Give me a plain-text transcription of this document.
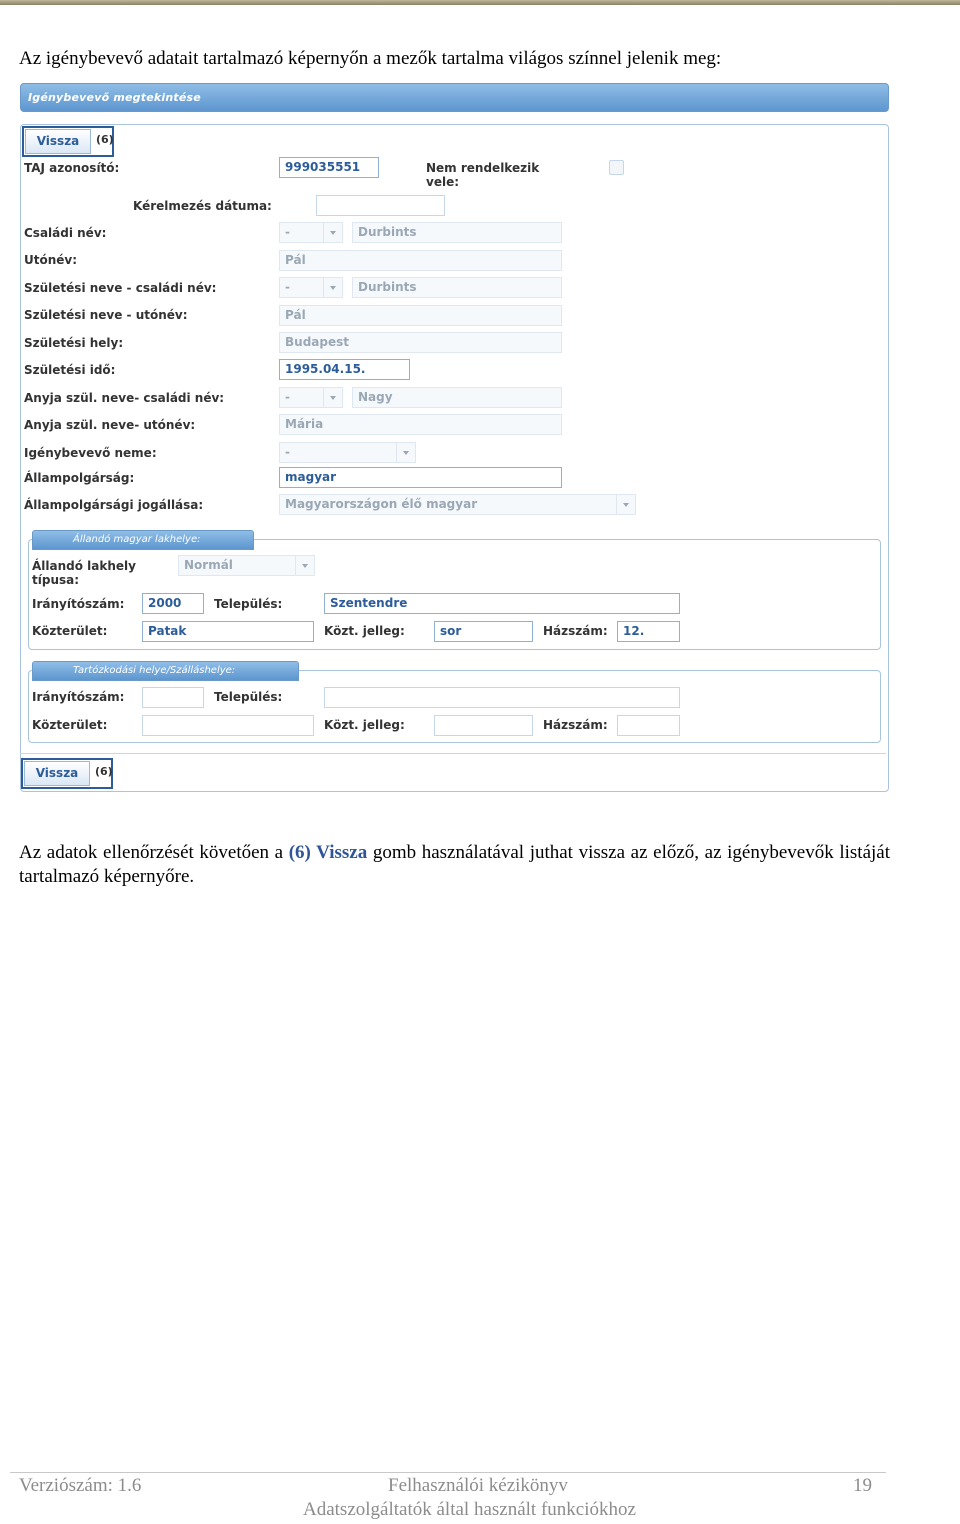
Az igénybevevő adatait tartalmazó képernyőn a mezők tartalma világos színnel jelenik meg:

Igénybevevő megtekintése
Vissza	(6)
TAJ azonosító:	999035551	Nem rendelkezik vele:
Kérelmezés dátuma:
Családi név:	-	Durbints
Utónév:	Pál
Születési neve - családi név:	-	Durbints
Születési neve - utónév:	Pál
Születési hely:	Budapest
Születési idő:	1995.04.15.
Anyja szül. neve- családi név:	-	Nagy
Anyja szül. neve- utónév:	Mária
Igénybevevő neme:	-
Állampolgárság:	magyar
Állampolgársági jogállása:	Magyarországon élő magyar
Állandó magyar lakhelye:
Állandó lakhely típusa:
Normál
Irányítószám:	2000	Település:	Szentendre
Közterület:	Patak	Közt. jelleg:	sor	Házszám:	12.
Tartózkodási helye/Szálláshelye:
Irányítószám:	Település:
Közterület:	Közt. jelleg:	Házszám:
Vissza	(6)

Az adatok ellenőrzését követően a (6) Vissza gomb használatával juthat vissza az előző, az igénybevevők listáját tartalmazó képernyőre.

Verziószám: 1.6	Felhasználói kézikönyv	19
Adatszolgáltatók által használt funkciókhoz
